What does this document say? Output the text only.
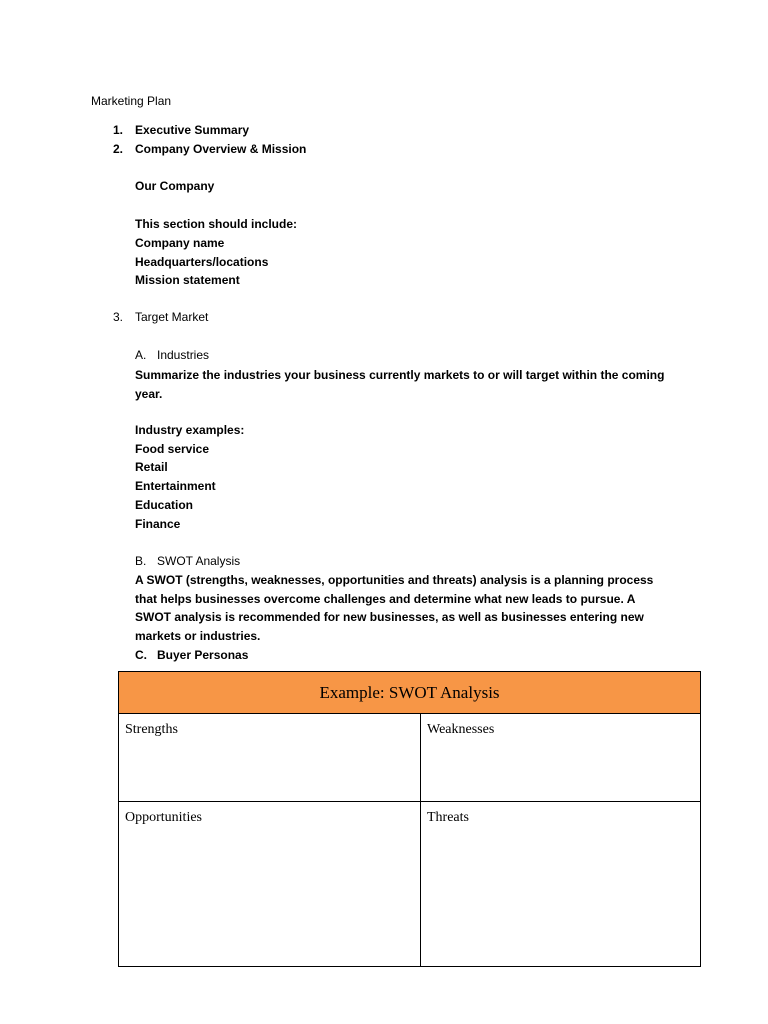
Marketing Plan
1. Executive Summary
2. Company Overview & Mission
Our Company
This section should include:
Company name
Headquarters/locations
Mission statement
3. Target Market
A. Industries
Summarize the industries your business currently markets to or will target within the coming year.
Industry examples:
Food service
Retail
Entertainment
Education
Finance
B. SWOT Analysis
A SWOT (strengths, weaknesses, opportunities and threats) analysis is a planning process that helps businesses overcome challenges and determine what new leads to pursue. A SWOT analysis is recommended for new businesses, as well as businesses entering new markets or industries.
C. Buyer Personas
Example: SWOT Analysis
Strengths	Weaknesses
Opportunities	Threats
